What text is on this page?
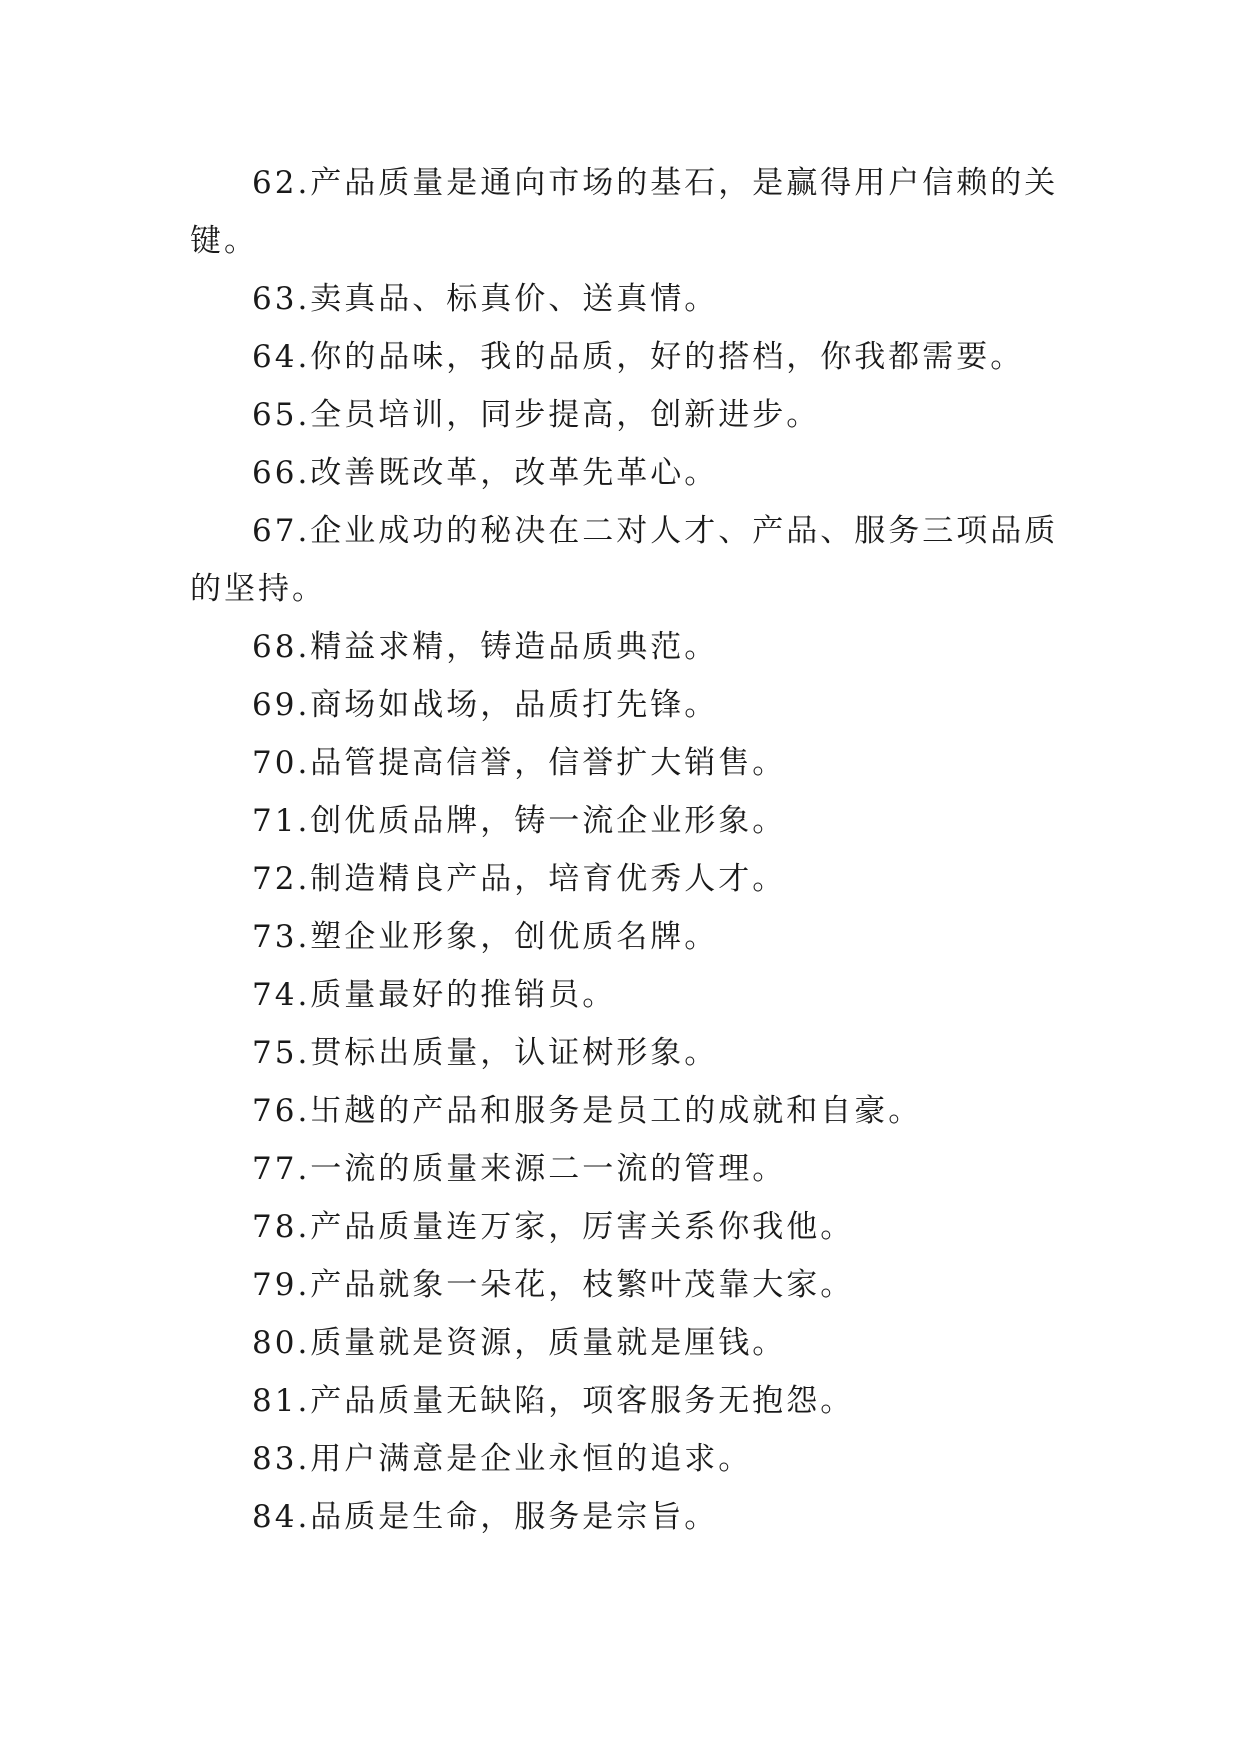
62.产品质量是通向市场的基石，是赢得用户信赖的关键。

63.卖真品、标真价、送真情。

64.你的品味，我的品质，好的搭档，你我都需要。

65.全员培训，同步提高，创新进步。

66.改善既改革，改革先革心。

67.企业成功的秘决在二对人才、产品、服务三项品质的坚持。

68.精益求精，铸造品质典范。

69.商场如战场，品质打先锋。

70.品管提高信誉，信誉扩大销售。

71.创优质品牌，铸一流企业形象。

72.制造精良产品，培育优秀人才。

73.塑企业形象，创优质名牌。

74.质量最好的推销员。

75.贯标出质量，认证树形象。

76.卐越的产品和服务是员工的成就和自豪。

77.一流的质量来源二一流的管理。

78.产品质量连万家，厉害关系你我他。

79.产品就象一朵花，枝繁叶茂靠大家。

80.质量就是资源，质量就是厘钱。

81.产品质量无缺陷，项客服务无抱怨。

83.用户满意是企业永恒的追求。

84.品质是生命，服务是宗旨。
